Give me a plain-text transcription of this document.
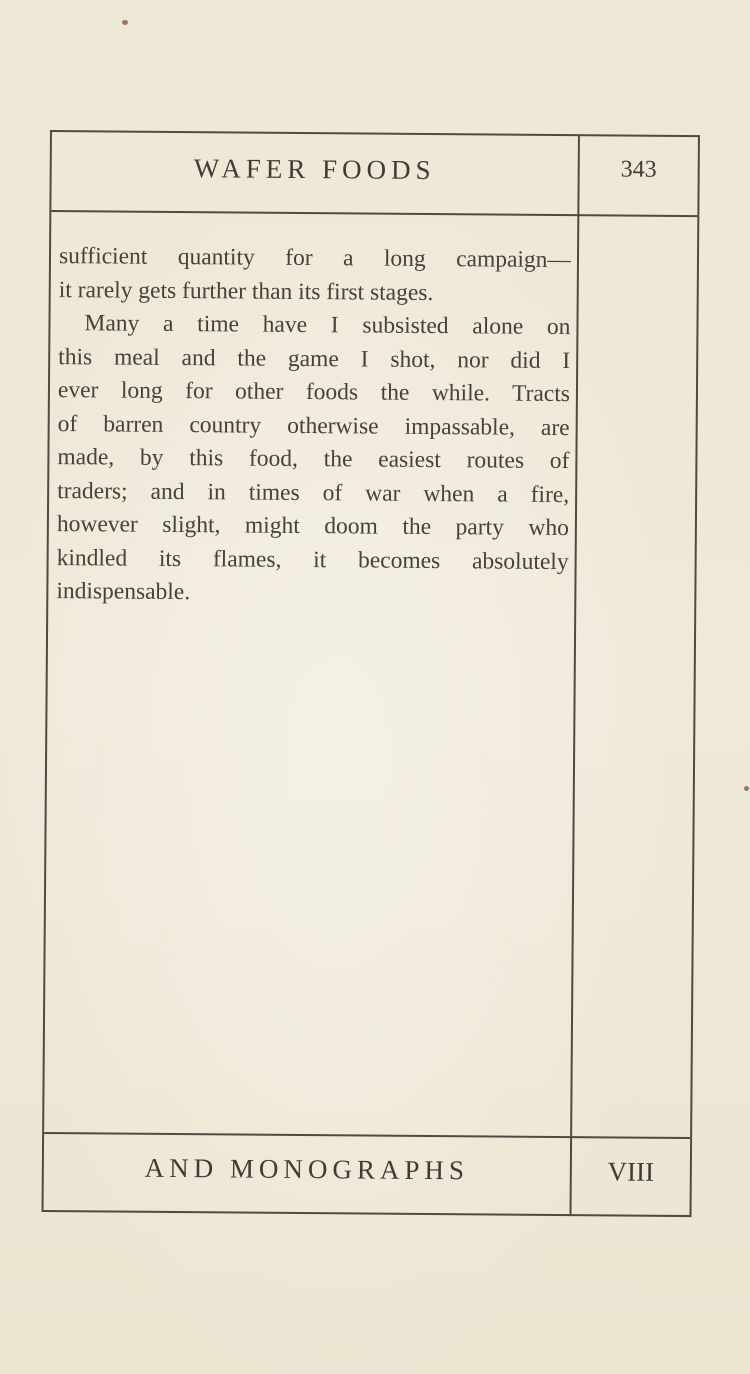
WAFER FOODS	343
sufficient quantity for a long campaign—
it rarely gets further than its first stages.
Many a time have I subsisted alone on
this meal and the game I shot, nor did I
ever long for other foods the while. Tracts
of barren country otherwise impassable, are
made, by this food, the easiest routes of
traders; and in times of war when a fire,
however slight, might doom the party who
kindled its flames, it becomes absolutely
indispensable.
AND MONOGRAPHS	VIII
